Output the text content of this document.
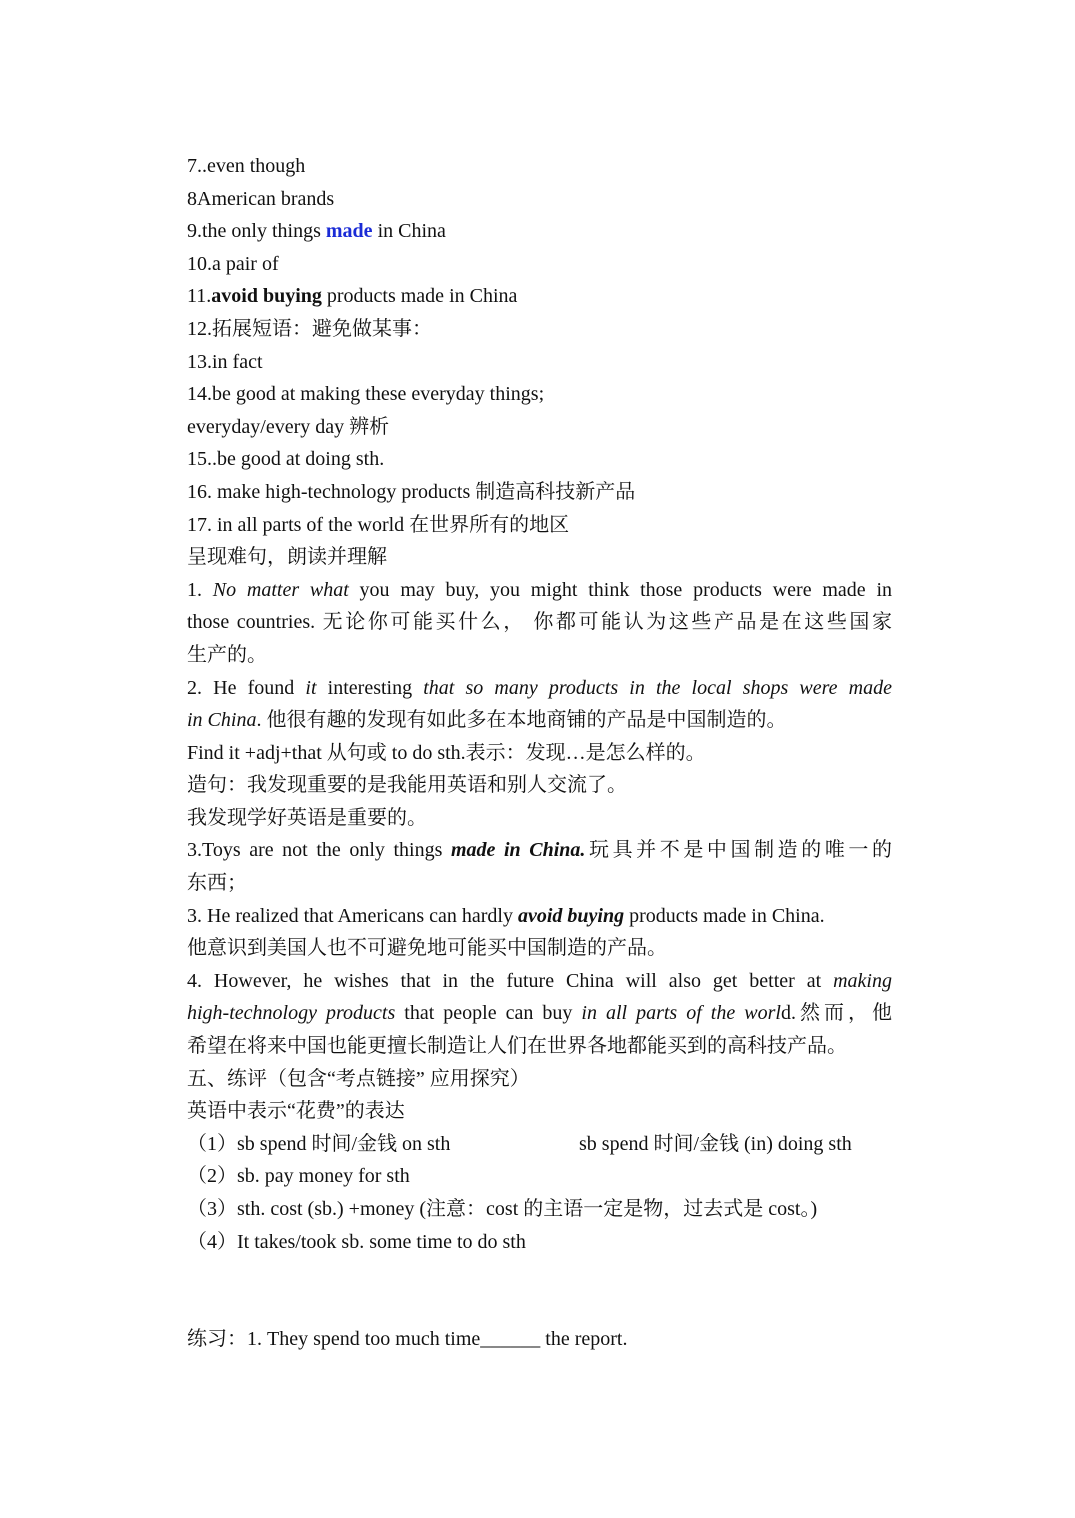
7..even though
8American brands
9.the only things made in China
10.a pair of
11.avoid buying products made in China
12.拓展短语：避免做某事：
13.in fact
14.be good at making these everyday things;
everyday/every day 辨析
15..be good at doing sth.
16. make high-technology products 制造高科技新产品
17. in all parts of the world 在世界所有的地区
呈现难句，朗读并理解
1. No matter what you may buy, you might think those products were made in
those countries. 无论你可能买什么， 你都可能认为这些产品是在这些国家
生产的。
2. He found it interesting that so many products in the local shops were made
in China. 他很有趣的发现有如此多在本地商铺的产品是中国制造的。
Find it +adj+that 从句或 to do sth.表示：发现…是怎么样的。
造句：我发现重要的是我能用英语和别人交流了。
我发现学好英语是重要的。
3.Toys are not the only things made in China.玩具并不是中国制造的唯一的
东西；
3. He realized that Americans can hardly avoid buying products made in China.
他意识到美国人也不可避免地可能买中国制造的产品。
4. However, he wishes that in the future China will also get better at making
high-technology products that people can buy in all parts of the world.然而，他
希望在将来中国也能更擅长制造让人们在世界各地都能买到的高科技产品。
五、练评（包含“考点链接” 应用探究）
英语中表示“花费”的表达
（1）sb spend 时间/金钱 on sth	sb spend 时间/金钱 (in) doing sth
（2）sb. pay money for sth
（3）sth. cost (sb.) +money (注意：cost 的主语一定是物，过去式是 cost。)
（4）It takes/took sb. some time to do sth
练习：1. They spend too much time______ the report.
